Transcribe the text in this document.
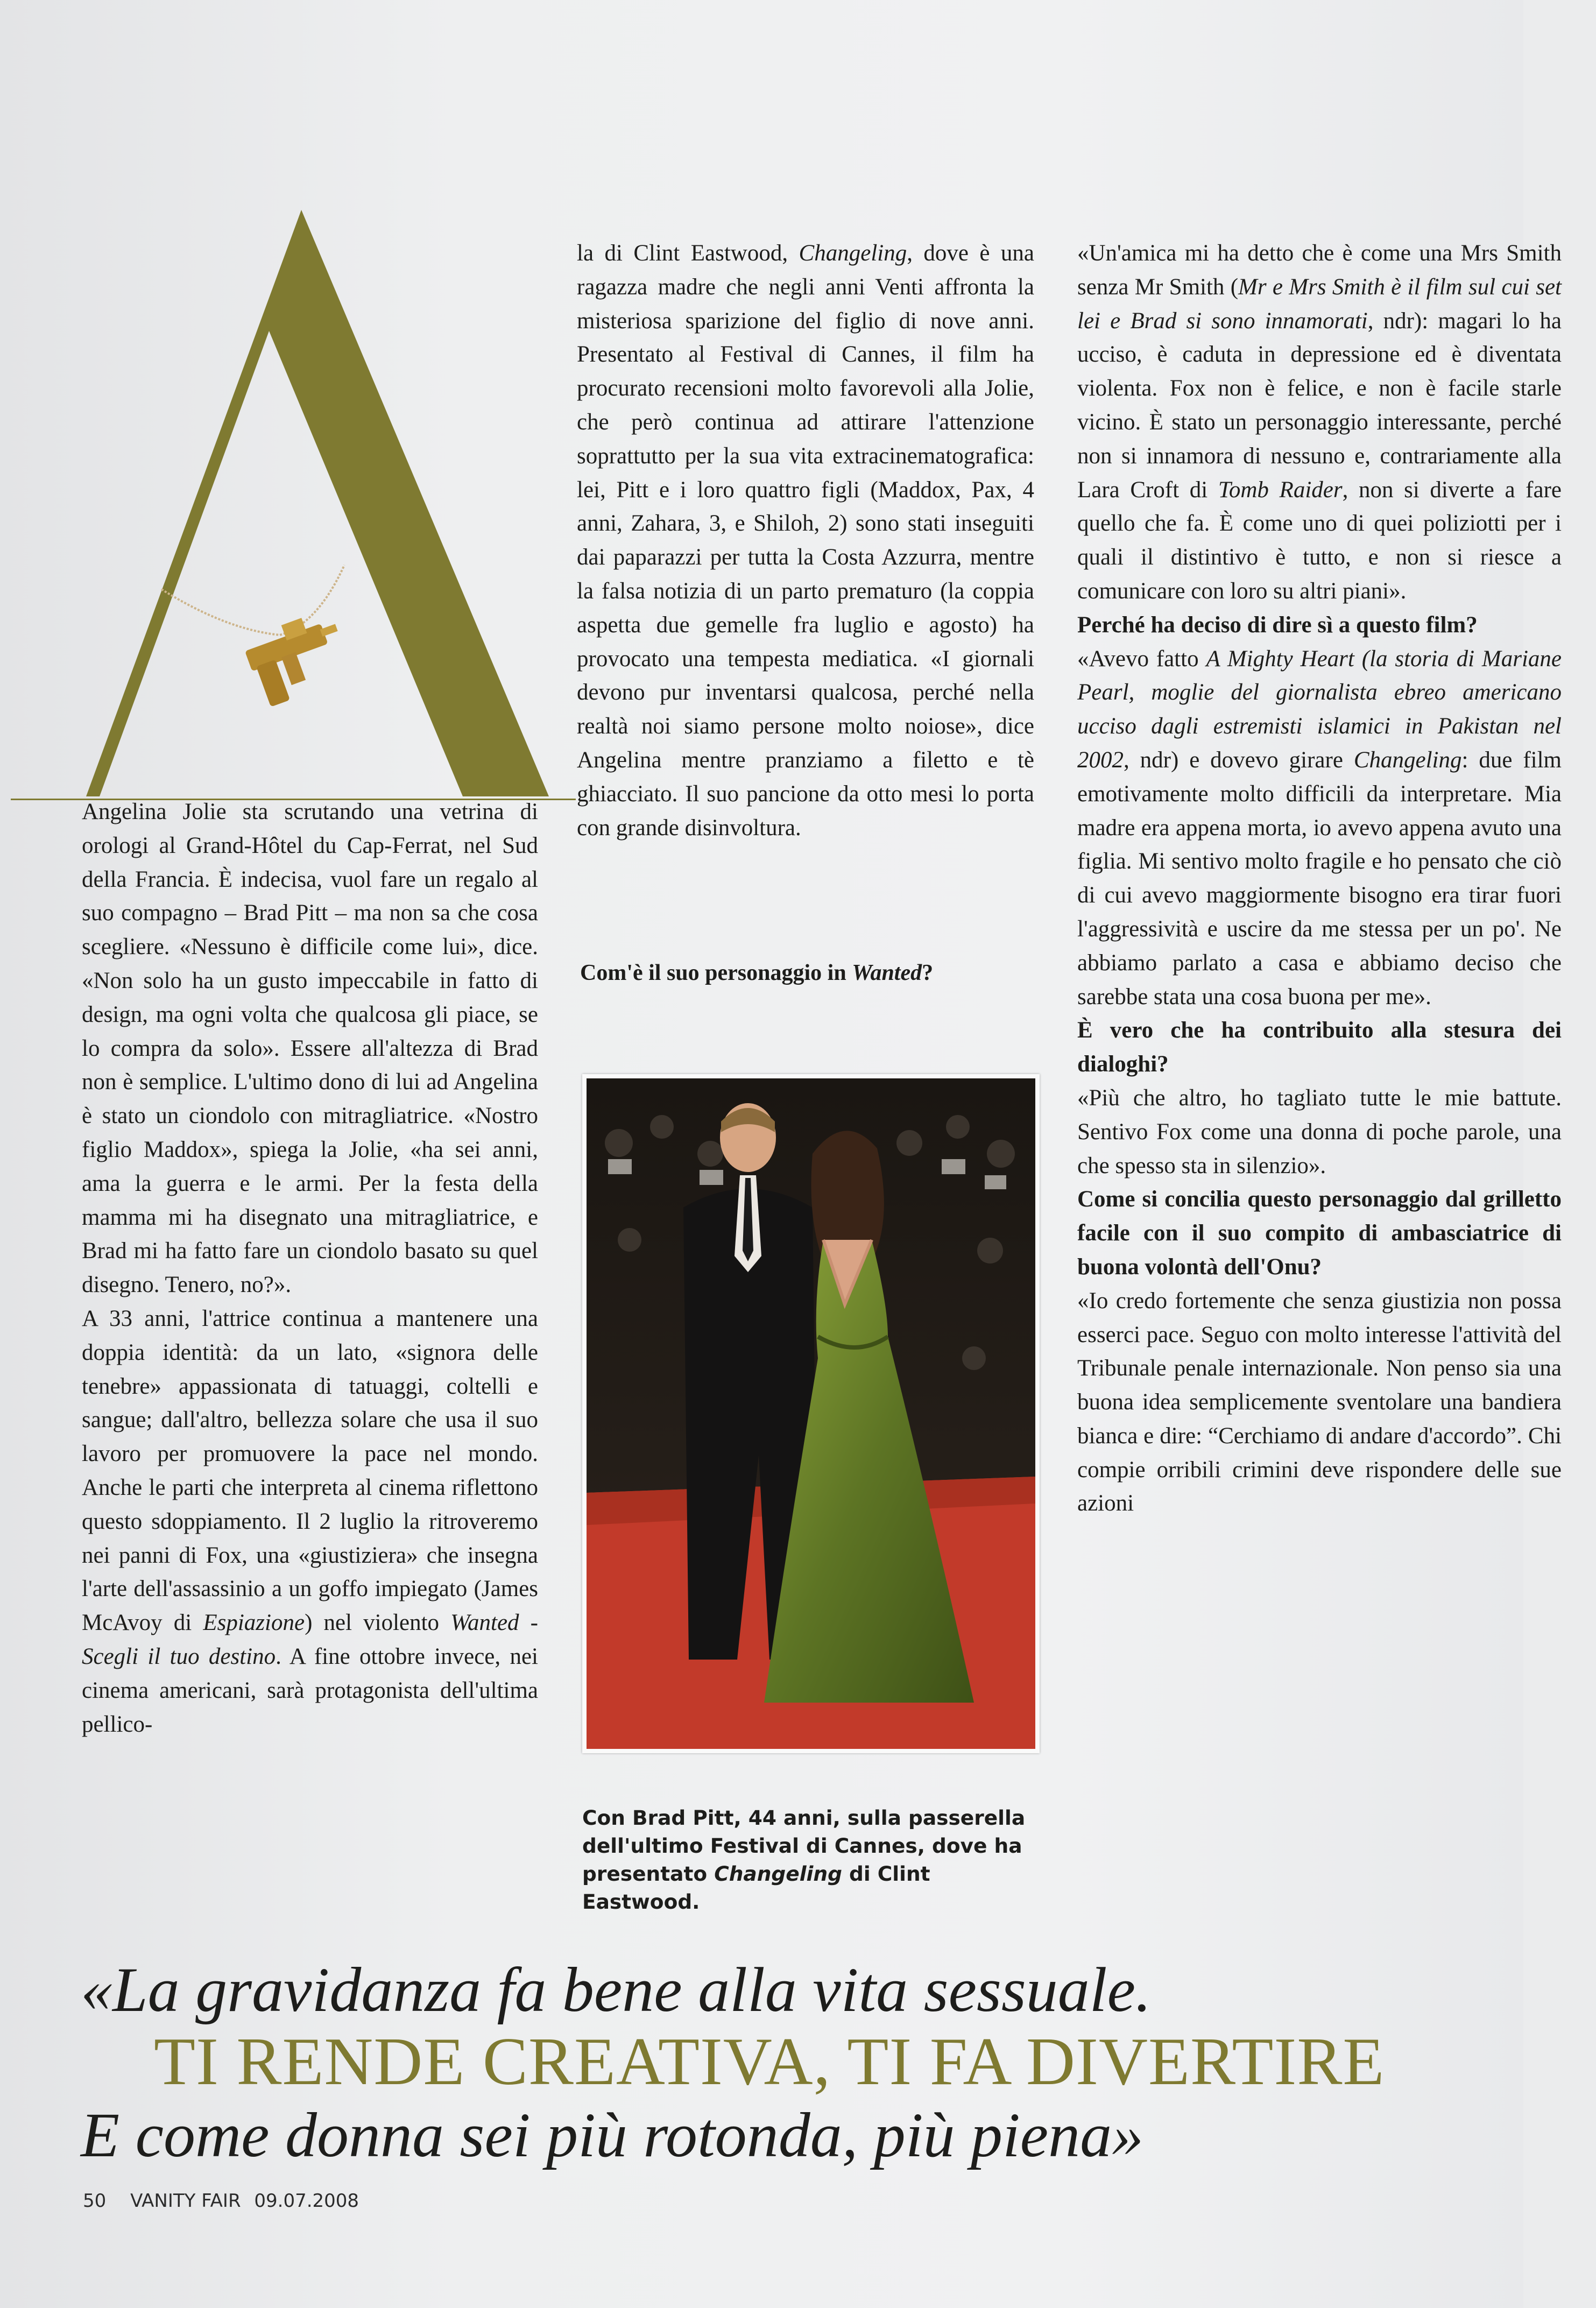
Angelina Jolie sta scrutando una vetrina di orologi al Grand-Hôtel du Cap-Ferrat, nel Sud della Francia. È indecisa, vuol fare un regalo al suo compagno – Brad Pitt – ma non sa che cosa scegliere. «Nessuno è difficile come lui», dice. «Non solo ha un gusto impeccabile in fatto di design, ma ogni volta che qualcosa gli piace, se lo compra da solo». Essere all'altezza di Brad non è semplice. L'ultimo dono di lui ad Angelina è stato un ciondolo con mitragliatrice. «Nostro figlio Maddox», spiega la Jolie, «ha sei anni, ama la guerra e le armi. Per la festa della mamma mi ha disegnato una mitragliatrice, e Brad mi ha fatto fare un ciondolo basato su quel disegno. Tenero, no?».

A 33 anni, l'attrice continua a mantenere una doppia identità: da un lato, «signora delle tenebre» appassionata di tatuaggi, coltelli e sangue; dall'altro, bellezza solare che usa il suo lavoro per promuovere la pace nel mondo. Anche le parti che interpreta al cinema riflettono questo sdoppiamento. Il 2 luglio la ritroveremo nei panni di Fox, una «giustiziera» che insegna l'arte dell'assassinio a un goffo impiegato (James McAvoy di Espiazione) nel violento Wanted - Scegli il tuo destino. A fine ottobre invece, nei cinema americani, sarà protagonista dell'ultima pellico-

la di Clint Eastwood, Changeling, dove è una ragazza madre che negli anni Venti affronta la misteriosa sparizione del figlio di nove anni. Presentato al Festival di Cannes, il film ha procurato recensioni molto favorevoli alla Jolie, che però continua ad attirare l'attenzione soprattutto per la sua vita extracinematografica: lei, Pitt e i loro quattro figli (Maddox, Pax, 4 anni, Zahara, 3, e Shiloh, 2) sono stati inseguiti dai paparazzi per tutta la Costa Azzurra, mentre la falsa notizia di un parto prematuro (la coppia aspetta due gemelle fra luglio e agosto) ha provocato una tempesta mediatica. «I giornali devono pur inventarsi qualcosa, perché nella realtà noi siamo persone molto noiose», dice Angelina mentre pranziamo a filetto e tè ghiacciato. Il suo pancione da otto mesi lo porta con grande disinvoltura.

Com'è il suo personaggio in Wanted?
Con Brad Pitt, 44 anni, sulla passerella dell'ultimo Festival di Cannes, dove ha presentato Changeling di Clint Eastwood.

«Un'amica mi ha detto che è come una Mrs Smith senza Mr Smith (Mr e Mrs Smith è il film sul cui set lei e Brad si sono innamorati, ndr): magari lo ha ucciso, è caduta in depressione ed è diventata violenta. Fox non è felice, e non è facile starle vicino. È stato un personaggio interessante, perché non si innamora di nessuno e, contrariamente alla Lara Croft di Tomb Raider, non si diverte a fare quello che fa. È come uno di quei poliziotti per i quali il distintivo è tutto, e non si riesce a comunicare con loro su altri piani».

Perché ha deciso di dire sì a questo film?

«Avevo fatto A Mighty Heart (la storia di Mariane Pearl, moglie del giornalista ebreo americano ucciso dagli estremisti islamici in Pakistan nel 2002, ndr) e dovevo girare Changeling: due film emotivamente molto difficili da interpretare. Mia madre era appena morta, io avevo appena avuto una figlia. Mi sentivo molto fragile e ho pensato che ciò di cui avevo maggiormente bisogno era tirar fuori l'aggressività e uscire da me stessa per un po'. Ne abbiamo parlato a casa e abbiamo deciso che sarebbe stata una cosa buona per me».

È vero che ha contribuito alla stesura dei dialoghi?

«Più che altro, ho tagliato tutte le mie battute. Sentivo Fox come una donna di poche parole, una che spesso sta in silenzio».

Come si concilia questo personaggio dal grilletto facile con il suo compito di ambasciatrice di buona volontà dell'Onu?

«Io credo fortemente che senza giustizia non possa esserci pace. Seguo con molto interesse l'attività del Tribunale penale internazionale. Non penso sia una buona idea semplicemente sventolare una bandiera bianca e dire: “Cerchiamo di andare d'accordo”. Chi compie orribili crimini deve rispondere delle sue azioni

«La gravidanza fa bene alla vita sessuale.
TI RENDE CREATIVA, TI FA DIVERTIRE
E come donna sei più rotonda, più piena»
50 VANITY FAIR 09.07.2008
